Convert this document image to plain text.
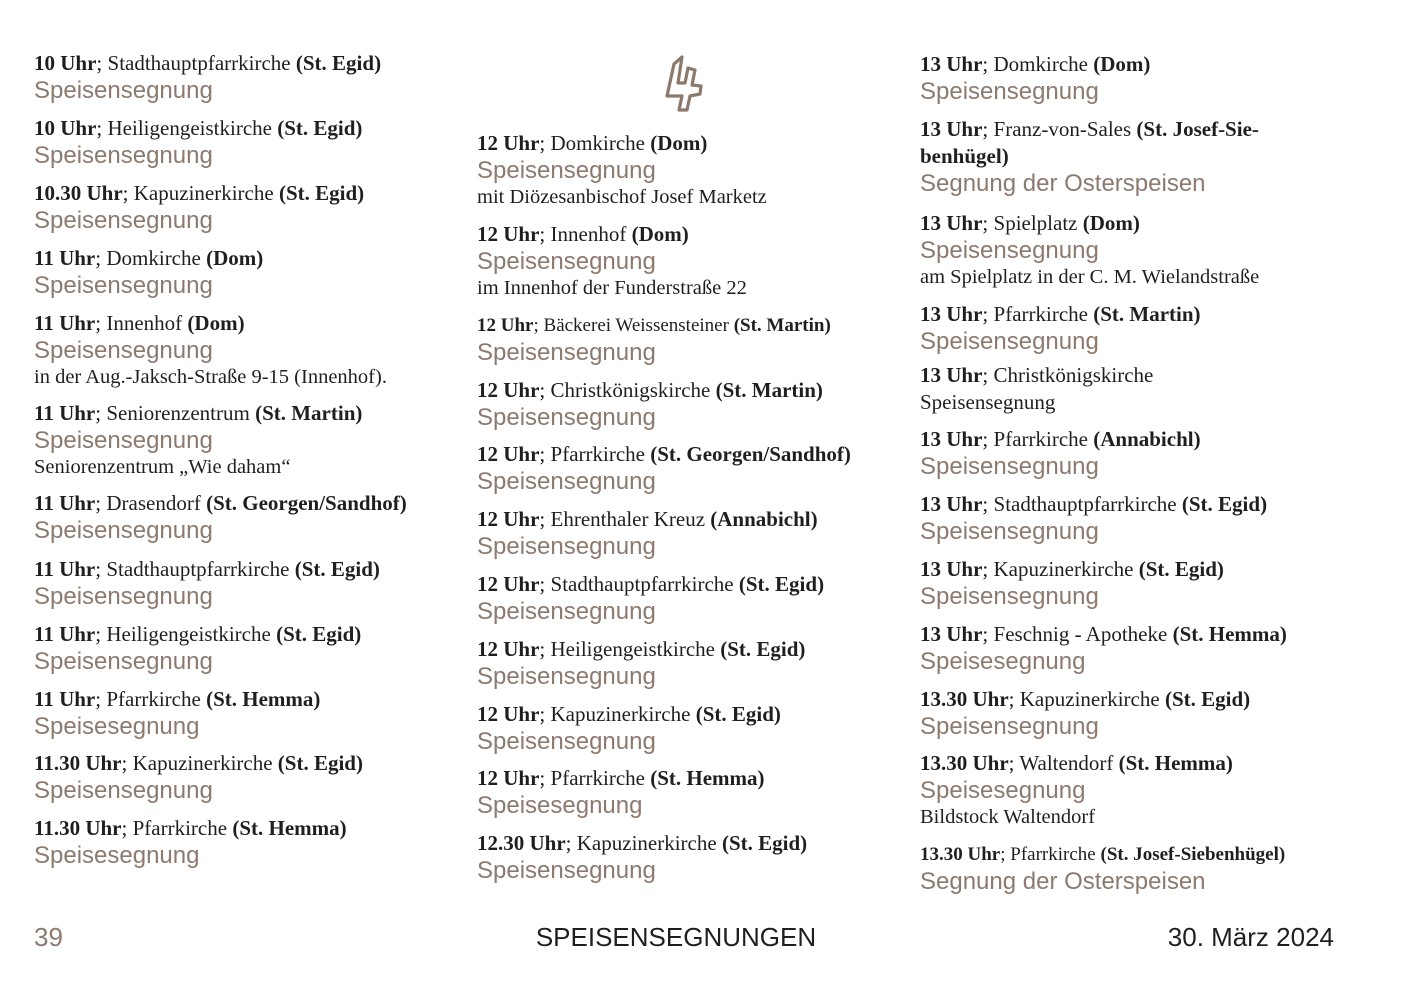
10 Uhr; Stadthauptpfarrkirche (St. Egid)
Speisensegnung
10 Uhr; Heiligengeistkirche (St. Egid)
Speisensegnung
10.30 Uhr; Kapuzinerkirche (St. Egid)
Speisensegnung
11 Uhr; Domkirche (Dom)
Speisensegnung
11 Uhr; Innenhof (Dom)
Speisensegnung
in der Aug.-Jaksch-Straße 9-15 (Innenhof).
11 Uhr; Seniorenzentrum (St. Martin)
Speisensegnung
Seniorenzentrum „Wie daham“
11 Uhr; Drasendorf (St. Georgen/Sandhof)
Speisensegnung
11 Uhr; Stadthauptpfarrkirche (St. Egid)
Speisensegnung
11 Uhr; Heiligengeistkirche (St. Egid)
Speisensegnung
11 Uhr; Pfarrkirche (St. Hemma)
Speisesegnung
11.30 Uhr; Kapuzinerkirche (St. Egid)
Speisensegnung
11.30 Uhr; Pfarrkirche (St. Hemma)
Speisesegnung
12 Uhr; Domkirche (Dom)
Speisensegnung
mit Diözesanbischof Josef Marketz
12 Uhr; Innenhof (Dom)
Speisensegnung
im Innenhof der Funderstraße 22
12 Uhr; Bäckerei Weissensteiner (St. Martin)
Speisensegnung
12 Uhr; Christkönigskirche (St. Martin)
Speisensegnung
12 Uhr; Pfarrkirche (St. Georgen/Sandhof)
Speisensegnung
12 Uhr; Ehrenthaler Kreuz (Annabichl)
Speisensegnung
12 Uhr; Stadthauptpfarrkirche (St. Egid)
Speisensegnung
12 Uhr; Heiligengeistkirche (St. Egid)
Speisensegnung
12 Uhr; Kapuzinerkirche (St. Egid)
Speisensegnung
12 Uhr; Pfarrkirche (St. Hemma)
Speisesegnung
12.30 Uhr; Kapuzinerkirche (St. Egid)
Speisensegnung
13 Uhr; Domkirche (Dom)
Speisensegnung
13 Uhr; Franz-von-Sales (St. Josef-Sie-
benhügel)
Segnung der Osterspeisen
13 Uhr; Spielplatz (Dom)
Speisensegnung
am Spielplatz in der C. M. Wielandstraße
13 Uhr; Pfarrkirche (St. Martin)
Speisensegnung
13 Uhr; Christkönigskirche
Speisensegnung
13 Uhr; Pfarrkirche (Annabichl)
Speisensegnung
13 Uhr; Stadthauptpfarrkirche (St. Egid)
Speisensegnung
13 Uhr; Kapuzinerkirche (St. Egid)
Speisensegnung
13 Uhr; Feschnig - Apotheke (St. Hemma)
Speisesegnung
13.30 Uhr; Kapuzinerkirche (St. Egid)
Speisensegnung
13.30 Uhr; Waltendorf (St. Hemma)
Speisesegnung
Bildstock Waltendorf
13.30 Uhr; Pfarrkirche (St. Josef-Siebenhügel)
Segnung der Osterspeisen
39	SPEISENSEGNUNGEN	30. März 2024
